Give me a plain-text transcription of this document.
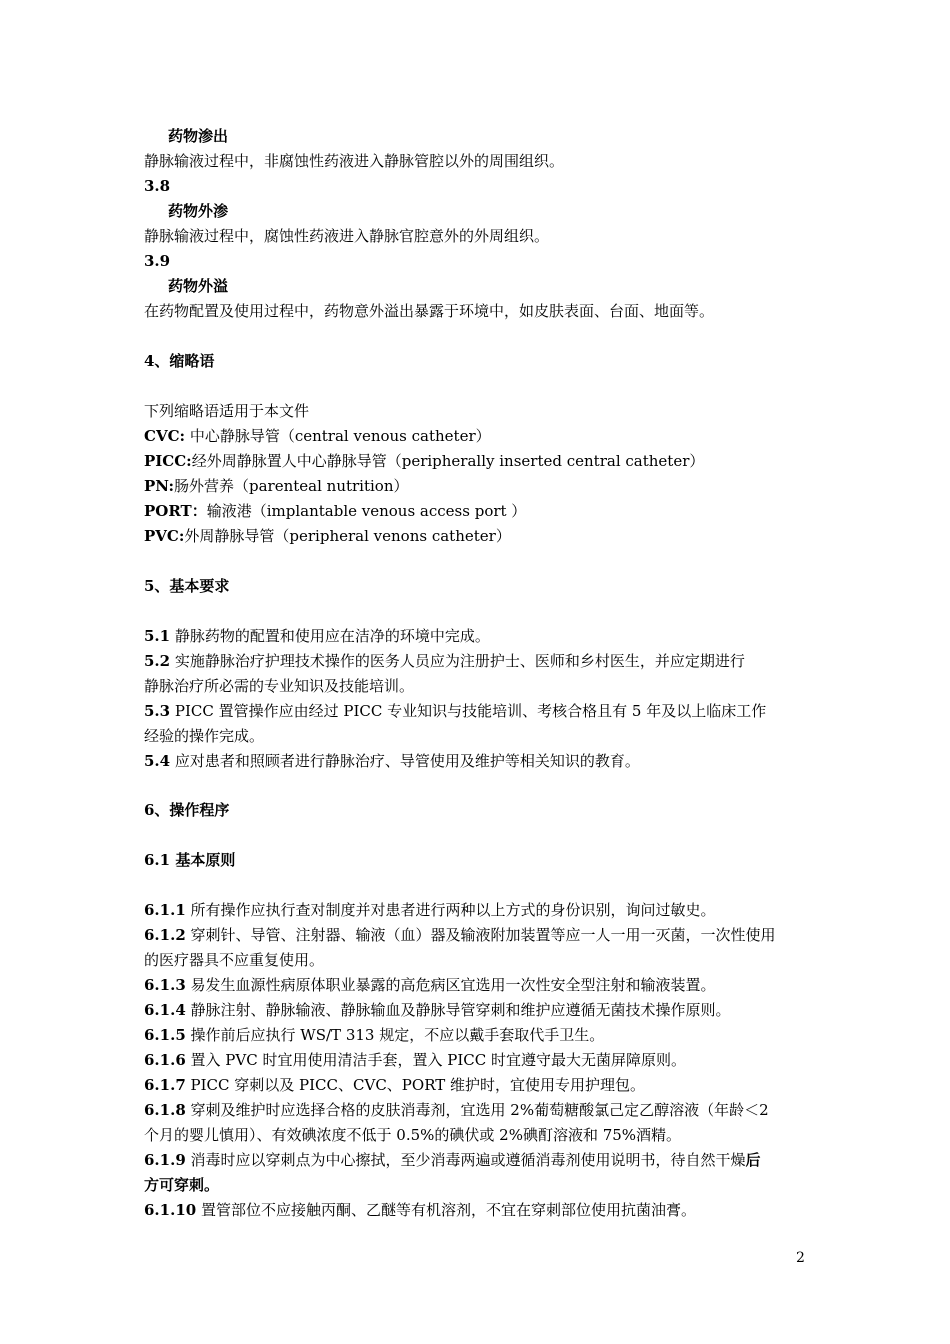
药物渗出
静脉输液过程中，非腐蚀性药液进入静脉管腔以外的周围组织。
3.8
药物外渗
静脉输液过程中，腐蚀性药液进入静脉官腔意外的外周组织。
3.9
药物外溢
在药物配置及使用过程中，药物意外溢出暴露于环境中，如皮肤表面、台面、地面等。
4、缩略语
下列缩略语适用于本文件
CVC: 中心静脉导管（central venous catheter）
PICC:经外周静脉置人中心静脉导管（peripherally inserted central catheter）
PN:肠外营养（parenteal nutrition）
PORT：输液港（implantable venous access port ）
PVC:外周静脉导管（peripheral venons catheter）
5、基本要求
5.1 静脉药物的配置和使用应在洁净的环境中完成。
5.2 实施静脉治疗护理技术操作的医务人员应为注册护士、医师和乡村医生，并应定期进行
静脉治疗所必需的专业知识及技能培训。
5.3 PICC 置管操作应由经过 PICC 专业知识与技能培训、考核合格且有 5 年及以上临床工作
经验的操作完成。
5.4 应对患者和照顾者进行静脉治疗、导管使用及维护等相关知识的教育。
6、操作程序
6.1 基本原则
6.1.1 所有操作应执行查对制度并对患者进行两种以上方式的身份识别，询问过敏史。
6.1.2 穿刺针、导管、注射器、输液（血）器及输液附加装置等应一人一用一灭菌，一次性使用
的医疗器具不应重复使用。
6.1.3 易发生血源性病原体职业暴露的高危病区宜选用一次性安全型注射和输液装置。
6.1.4 静脉注射、静脉输液、静脉输血及静脉导管穿刺和维护应遵循无菌技术操作原则。
6.1.5 操作前后应执行 WS/T 313 规定，不应以戴手套取代手卫生。
6.1.6 置入 PVC 时宜用使用清洁手套，置入 PICC 时宜遵守最大无菌屏障原则。
6.1.7 PICC 穿刺以及 PICC、CVC、PORT 维护时，宜使用专用护理包。
6.1.8 穿刺及维护时应选择合格的皮肤消毒剂，宜选用 2%葡萄糖酸氯己定乙醇溶液（年龄＜2
个月的婴儿慎用）、有效碘浓度不低于 0.5%的碘伏或 2%碘酊溶液和 75%酒精。
6.1.9 消毒时应以穿刺点为中心擦拭，至少消毒两遍或遵循消毒剂使用说明书，待自然干燥后
方可穿刺。
6.1.10 置管部位不应接触丙酮、乙醚等有机溶剂，不宜在穿刺部位使用抗菌油膏。
2
